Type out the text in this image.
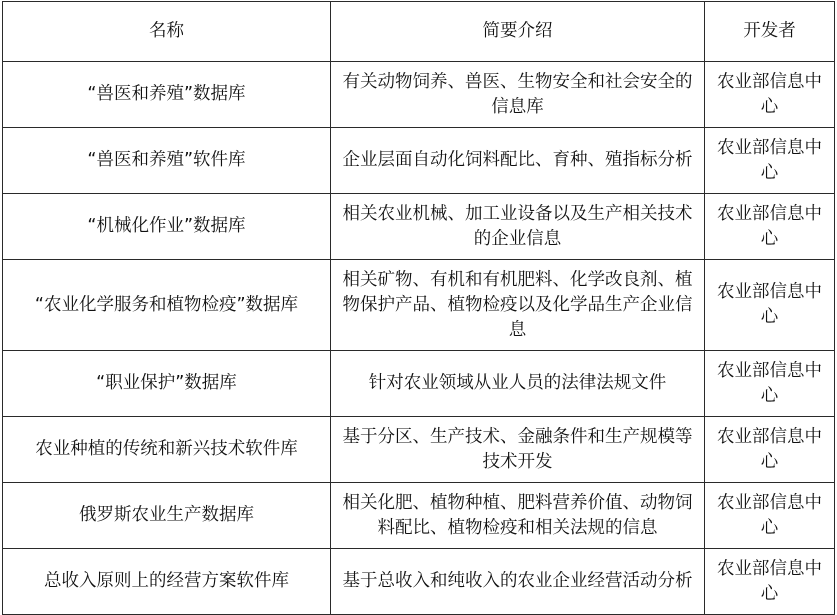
名称	简要介绍	开发者
“兽医和养殖”数据库	有关动物饲养、兽医、生物安全和社会安全的信息库	农业部信息中心
“兽医和养殖”软件库	企业层面自动化饲料配比、育种、殖指标分析	农业部信息中心
“机械化作业”数据库	相关农业机械、加工业设备以及生产相关技术的企业信息	农业部信息中心
“农业化学服务和植物检疫”数据库	相关矿物、有机和有机肥料、化学改良剂、植物保护产品、植物检疫以及化学品生产企业信息	农业部信息中心
“职业保护”数据库	针对农业领域从业人员的法律法规文件	农业部信息中心
农业种植的传统和新兴技术软件库	基于分区、生产技术、金融条件和生产规模等技术开发	农业部信息中心
俄罗斯农业生产数据库	相关化肥、植物种植、肥料营养价值、动物饲料配比、植物检疫和相关法规的信息	农业部信息中心
总收入原则上的经营方案软件库	基于总收入和纯收入的农业企业经营活动分析	农业部信息中心
